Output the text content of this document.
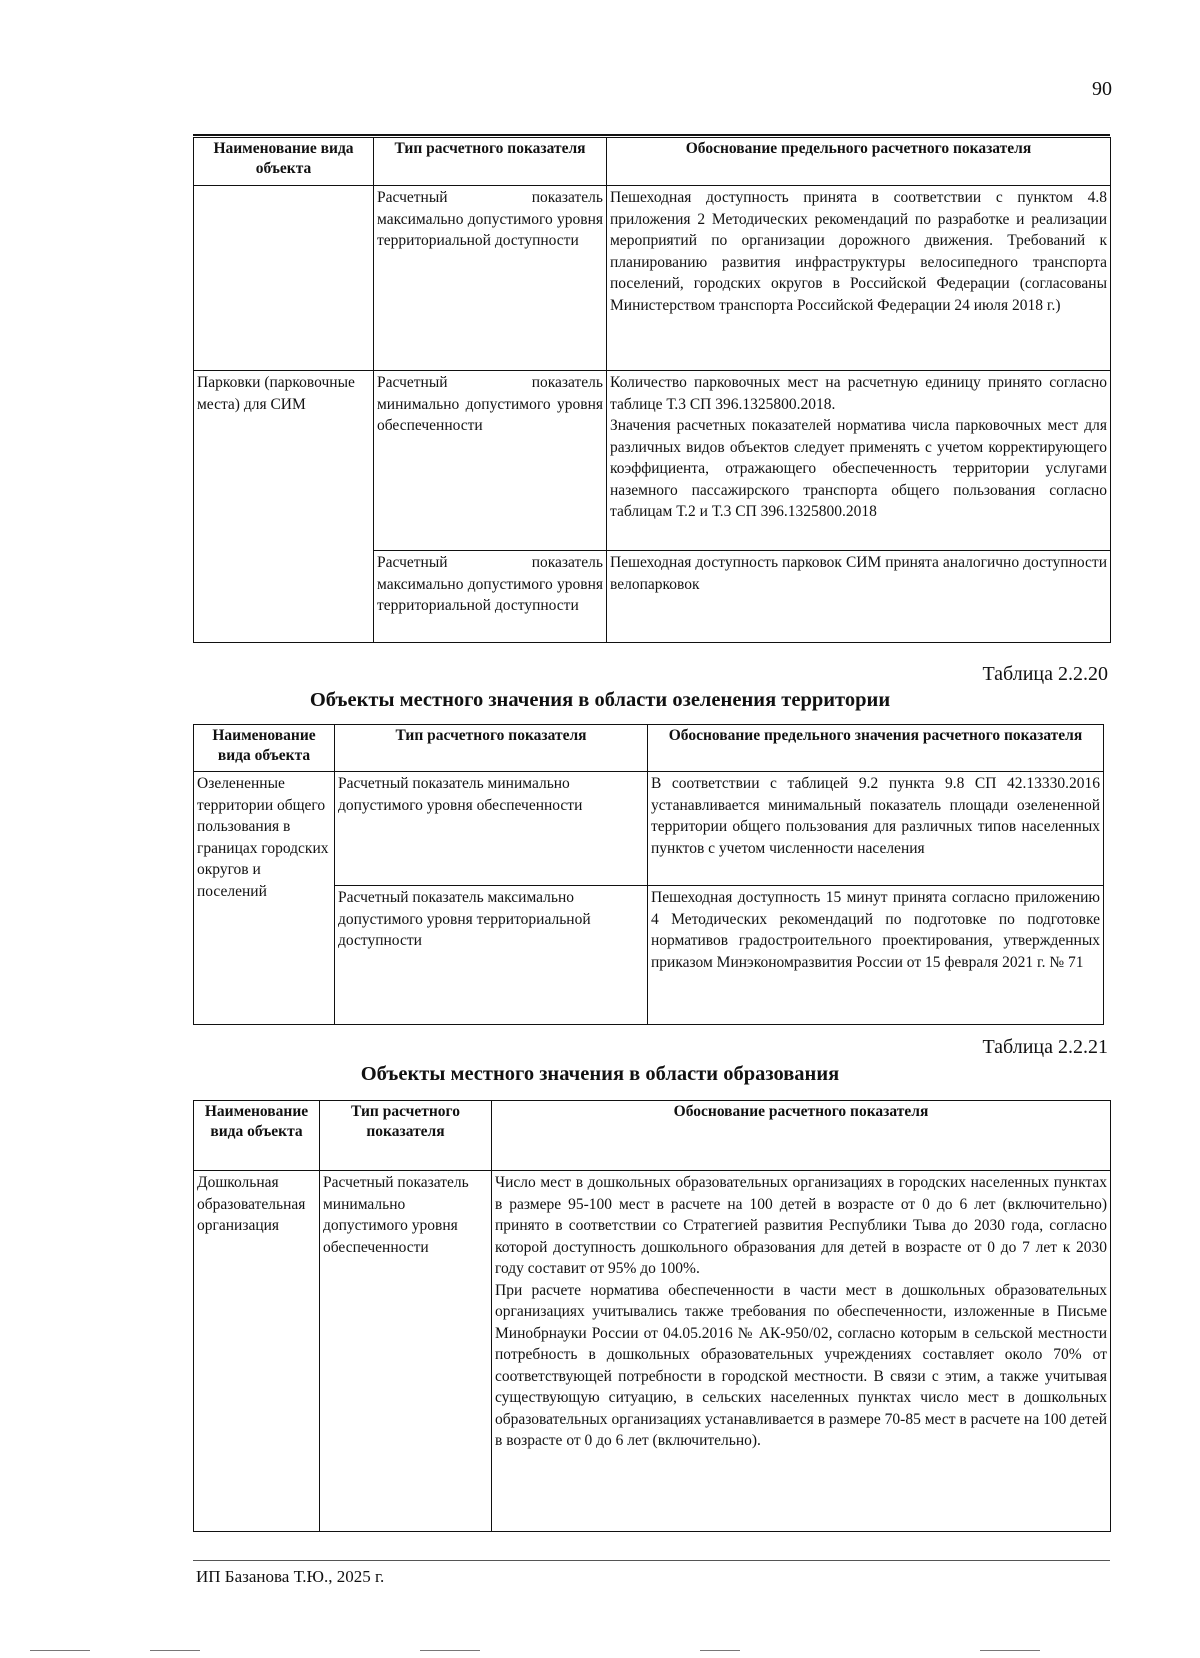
90
Наименование вида объекта	Тип расчетного показателя	Обоснование предельного расчетного показателя
	Расчетный показатель максимально допустимого уровня территориальной доступности	Пешеходная доступность принята в соответствии с пунктом 4.8 приложения 2 Методических рекомендаций по разработке и реализации мероприятий по организации дорожного движения. Требований к планированию развития инфраструктуры велосипедного транспорта поселений, городских округов в Российской Федерации (согласованы Министерством транспорта Российской Федерации 24 июля 2018 г.)
Парковки (парковочные места) для СИМ	Расчетный показатель минимально допустимого уровня обеспеченности	Количество парковочных мест на расчетную единицу принято согласно таблице Т.3 СП 396.1325800.2018.
Значения расчетных показателей норматива числа парковочных мест для различных видов объектов следует применять с учетом корректирующего коэффициента, отражающего обеспеченность территории услугами наземного пассажирского транспорта общего пользования согласно таблицам Т.2 и Т.3 СП 396.1325800.2018

	Расчетный показатель максимально допустимого уровня территориальной доступности	Пешеходная доступность парковок СИМ принята аналогично доступности велопарковок
Таблица 2.2.20
Объекты местного значения в области озеленения территории
Наименование вида объекта	Тип расчетного показателя	Обоснование предельного значения расчетного показателя
Озелененные территории общего пользования в границах городских округов и поселений	Расчетный показатель минимально допустимого уровня обеспеченности	В соответствии с таблицей 9.2 пункта 9.8 СП 42.13330.2016 устанавливается минимальный показатель площади озелененной территории общего пользования для различных типов населенных пунктов с учетом численности населения
	Расчетный показатель максимально допустимого уровня территориальной доступности	Пешеходная доступность 15 минут принята согласно приложению 4 Методических рекомендаций по подготовке по подготовке нормативов градостроительного проектирования, утвержденных приказом Минэкономразвития России от 15 февраля 2021 г. № 71
Таблица 2.2.21
Объекты местного значения в области образования
Наименование вида объекта	Тип расчетного показателя	Обоснование расчетного показателя
Дошкольная образовательная организация	Расчетный показатель минимально допустимого уровня обеспеченности	Число мест в дошкольных образовательных организациях в городских населенных пунктах в размере 95-100 мест в расчете на 100 детей в возрасте от 0 до 6 лет (включительно) принято в соответствии со Стратегией развития Республики Тыва до 2030 года, согласно которой доступность дошкольного образования для детей в возрасте от 0 до 7 лет к 2030 году составит от 95% до 100%.
При расчете норматива обеспеченности в части мест в дошкольных образовательных организациях учитывались также требования по обеспеченности, изложенные в Письме Минобрнауки России от 04.05.2016 № АК-950/02, согласно которым в сельской местности потребность в дошкольных образовательных учреждениях составляет около 70% от соответствующей потребности в городской местности. В связи с этим, а также учитывая существующую ситуацию, в сельских населенных пунктах число мест в дошкольных образовательных организациях устанавливается в размере 70-85 мест в расчете на 100 детей в возрасте от 0 до 6 лет (включительно).
ИП Базанова Т.Ю., 2025 г.
